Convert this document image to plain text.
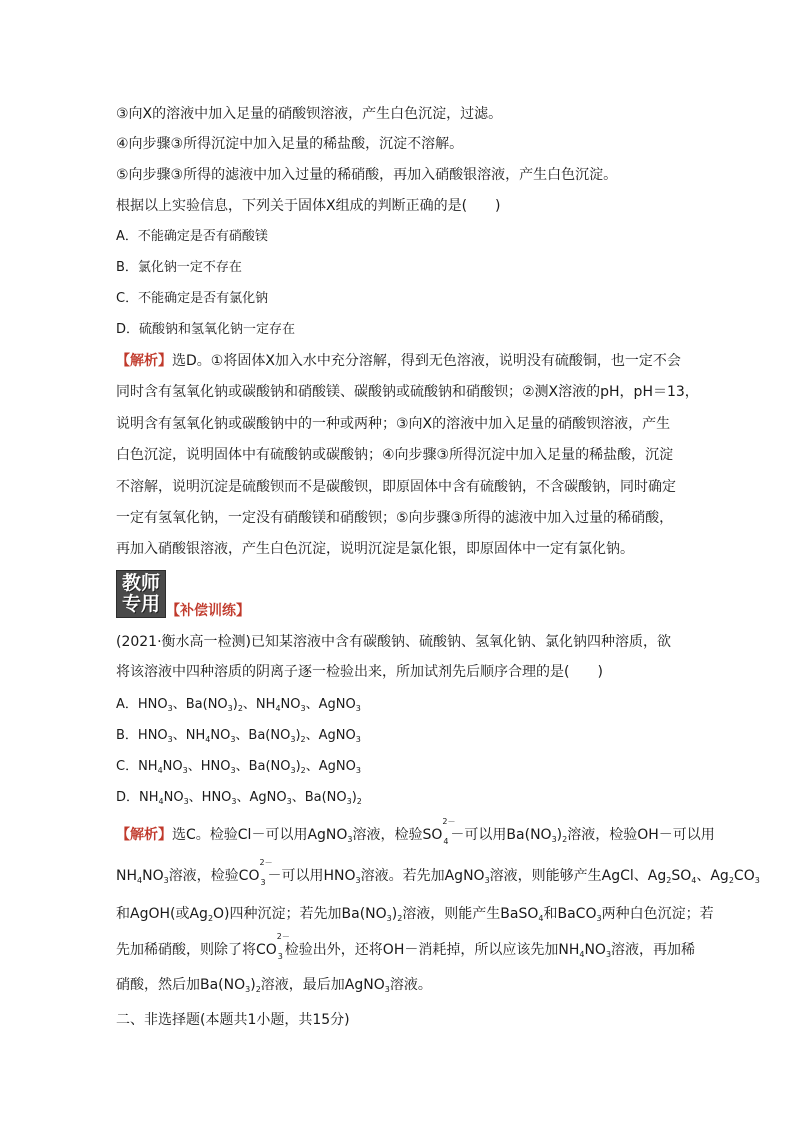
③向X的溶液中加入足量的硝酸钡溶液，产生白色沉淀，过滤。
④向步骤③所得沉淀中加入足量的稀盐酸，沉淀不溶解。
⑤向步骤③所得的滤液中加入过量的稀硝酸，再加入硝酸银溶液，产生白色沉淀。
根据以上实验信息，下列关于固体X组成的判断正确的是(　　)
A．不能确定是否有硝酸镁
B．氯化钠一定不存在
C．不能确定是否有氯化钠
D．硫酸钠和氢氧化钠一定存在
【解析】选D。①将固体X加入水中充分溶解，得到无色溶液，说明没有硫酸铜，也一定不会
同时含有氢氧化钠或碳酸钠和硝酸镁、碳酸钠或硫酸钠和硝酸钡；②测X溶液的pH，pH＝13，
说明含有氢氧化钠或碳酸钠中的一种或两种；③向X的溶液中加入足量的硝酸钡溶液，产生
白色沉淀，说明固体中有硫酸钠或碳酸钠；④向步骤③所得沉淀中加入足量的稀盐酸，沉淀
不溶解，说明沉淀是硫酸钡而不是碳酸钡，即原固体中含有硫酸钠，不含碳酸钠，同时确定
一定有氢氧化钠，一定没有硝酸镁和硝酸钡；⑤向步骤③所得的滤液中加入过量的稀硝酸，
再加入硝酸银溶液，产生白色沉淀，说明沉淀是氯化银，即原固体中一定有氯化钠。
教师
专用 【补偿训练】
(2021·衡水高一检测)已知某溶液中含有碳酸钠、硫酸钠、氢氧化钠、氯化钠四种溶质，欲
将该溶液中四种溶质的阴离子逐一检验出来，所加试剂先后顺序合理的是(　　)
A．$HNO_3$、$Ba(NO_3)_2$、$NH_4NO_3$、AgNO$_3$
B．$HNO_3$、$NH_4NO_3$、$Ba(NO_3)_2$、AgNO$_3$
C．$NH_4NO_3$、$HNO_3$、$Ba(NO_3)_2$、AgNO$_3$
D．$NH_4NO_3$、$HNO_3$、AgNO$_3$、$Ba(NO_3)_2$
【解析】选C。检验Cl－可以用AgNO$_3$溶液，检验SO
2－
4 －可以用$Ba(NO_3)_2$溶液，检验OH－可以用
$NH_4NO_3$溶液，检验CO
2－
3 －可以用$HNO_3$溶液。若先加AgNO$_3$溶液，则能够产生AgCl、$Ag_2SO_4$、$Ag_2CO_3$
和AgOH(或$Ag_2O$)四种沉淀；若先加$Ba(NO_3)_2$溶液，则能产生BaSO$_4$和BaCO$_3$两种白色沉淀；若
先加稀硝酸，则除了将CO
2－
3 检验出外，还将OH－消耗掉，所以应该先加$NH_4NO_3$溶液，再加稀
硝酸，然后加$Ba(NO_3)_2$溶液，最后加AgNO$_3$溶液。
二、非选择题(本题共1小题，共15分)
